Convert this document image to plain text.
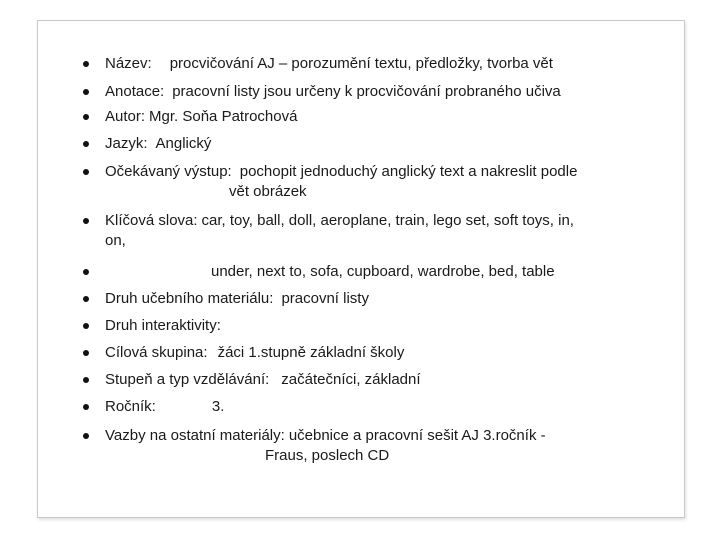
Název: procvičování AJ – porozumění textu, předložky, tvorba vět
Anotace: pracovní listy jsou určeny k procvičování probraného učiva
Autor: Mgr. Soňa Patrochová
Jazyk: Anglický
Očekávaný výstup: pochopit jednoduchý anglický text a nakreslit podle
vět obrázek
Klíčová slova: car, toy, ball, doll, aeroplane, train, lego set, soft toys, in,
on,
under, next to, sofa, cupboard, wardrobe, bed, table
Druh učebního materiálu: pracovní listy
Druh interaktivity:
Cílová skupina: žáci 1.stupně základní školy
Stupeň a typ vzdělávání: začátečníci, základní
Ročník:	3.
Vazby na ostatní materiály: učebnice a pracovní sešit AJ 3.ročník -
Fraus, poslech CD
